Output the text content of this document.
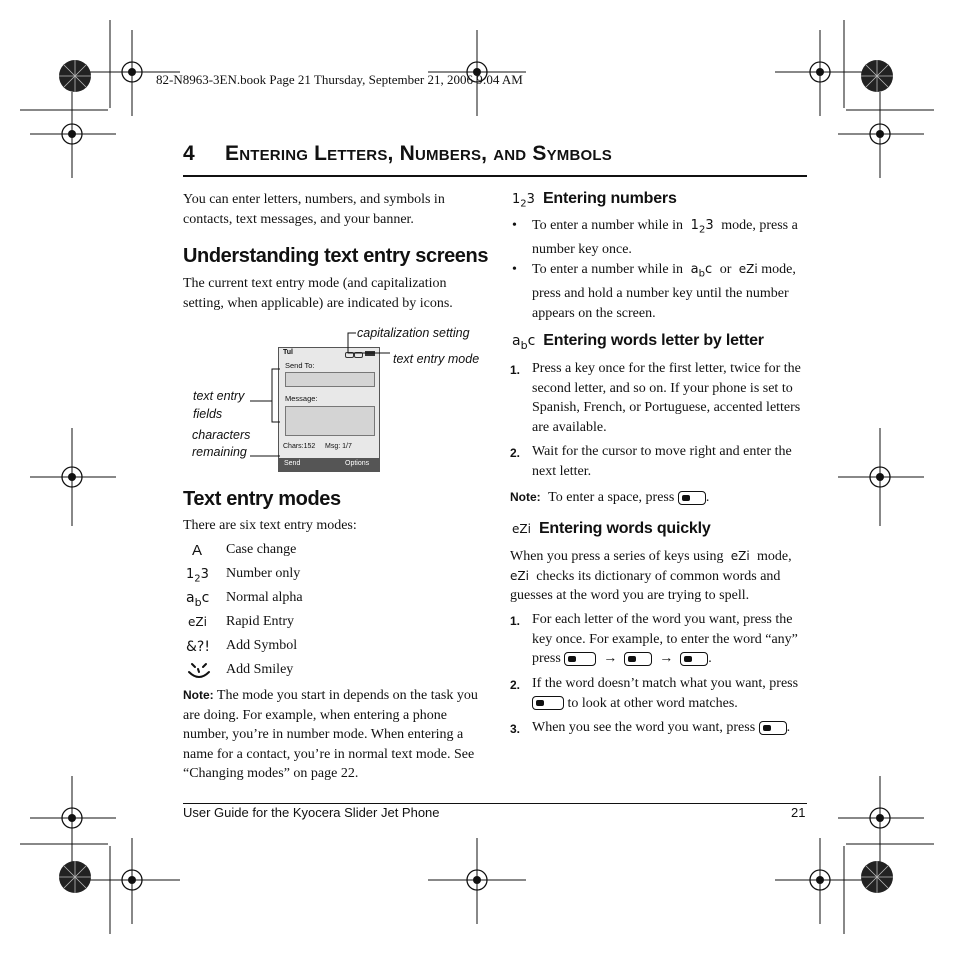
82-N8963-3EN.book Page 21 Thursday, September 21, 2006 9:04 AM
4 Entering Letters, Numbers, and Symbols
You can enter letters, numbers, and symbols in contacts, text messages, and your banner.
Understanding text entry screens
The current text entry mode (and capitalization setting, when applicable) are indicated by icons.
Tul
Send To:
Message:
Chars:152 Msg: 1/7
Send	Options
capitalization setting
text entry mode
text entry
fields
characters
remaining
Text entry modes
There are six text entry modes:
A Case change
$1_23$ Number only
$a_bc$ Normal alpha
eZi Rapid Entry
&?! Add Symbol
Add Smiley
Note: The mode you start in depends on the task you are doing. For example, when entering a phone number, you’re in number mode. When entering a name for a contact, you’re in normal text mode. See “Changing modes” on page 22.
$1_23$ Entering numbers
• To enter a number while in  $1_23$  mode, press a number key once.
• To enter a number while in  $a_bc$  or  eZi mode, press and hold a number key until the number appears on the screen.
$a_bc$ Entering words letter by letter
1. Press a key once for the first letter, twice for the second letter, and so on. If your phone is set to Spanish, French, or Portuguese, accented letters are available.
2. Wait for the cursor to move right and enter the next letter.
Note: To enter a space, press .
eZi Entering words quickly
When you press a series of keys using  eZi  mode, eZi  checks its dictionary of common words and guesses at the word you are trying to spell.
1. For each letter of the word you want, press the key once. For example, to enter the word “any” press	→	→  .
2. If the word doesn’t match what you want, press  to look at other word matches.
3. When you see the word you want, press .
User Guide for the Kyocera Slider Jet Phone	21
